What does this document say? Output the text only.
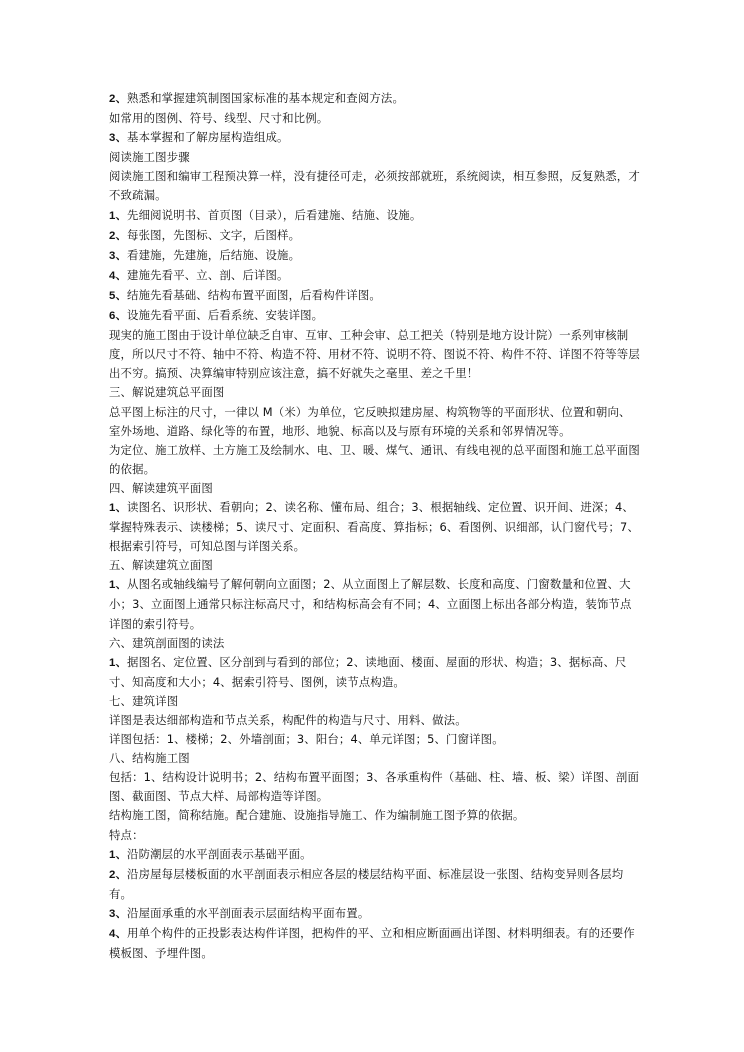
2、熟悉和掌握建筑制图国家标准的基本规定和查阅方法。

如常用的图例、符号、线型、尺寸和比例。

3、基本掌握和了解房屋构造组成。

阅读施工图步骤

阅读施工图和编审工程预决算一样，没有捷径可走，必须按部就班，系统阅读，相互参照，反复熟悉，才不致疏漏。

1、先细阅说明书、首页图（目录），后看建施、结施、设施。

2、每张图，先图标、文字，后图样。

3、看建施，先建施，后结施、设施。

4、建施先看平、立、剖、后详图。

5、结施先看基础、结构布置平面图，后看构件详图。

6、设施先看平面、后看系统、安装详图。

现実的施工图由于设计单位缺乏自审、互审、工种会审、总工把关（特别是地方设计院）一系列审核制度，所以尺寸不符、轴中不符、构造不符、用材不符、说明不符、图说不符、构件不符、详图不符等等层出不穷。搞预、决算编审特别应该注意，搞不好就失之毫里、差之千里！

三、解说建筑总平面图

总平图上标注的尺寸，一律以 M（米）为单位，它反映拟建房屋、构筑物等的平面形状、位置和朝向、室外场地、道路、绿化等的布置，地形、地貌、标高以及与原有环境的关系和邻界情况等。

为定位、施工放样、土方施工及绘制水、电、卫、暖、煤气、通讯、有线电视的总平面图和施工总平面图的依据。

四、解读建筑平面图

1、读图名、识形状、看朝向；2、读名称、懂布局、组合；3、根据轴线、定位置、识开间、进深；4、掌握特殊表示、读楼梯；5、读尺寸、定面积、看高度、算指标；6、看图例、识细部，认门窗代号；7、根据索引符号，可知总图与详图关系。

五、解读建筑立面图

1、从图名或轴线编号了解何朝向立面图；2、从立面图上了解层数、长度和高度、门窗数量和位置、大小；3、立面图上通常只标注标高尺寸，和结构标高会有不同；4、立面图上标出各部分构造，装饰节点详图的索引符号。

六、建筑剖面图的读法

1、据图名、定位置、区分剖到与看到的部位；2、读地面、楼面、屋面的形状、构造；3、据标高、尺寸、知高度和大小；4、据索引符号、图例，读节点构造。

七、建筑详图

详图是表达细部构造和节点关系，构配件的构造与尺寸、用料、做法。

详图包括：1、楼梯；2、外墙剖面；3、阳台；4、单元详图；5、门窗详图。

八、结构施工图

包括：1、结构设计说明书；2、结构布置平面图；3、各承重构件（基础、柱、墙、板、梁）详图、剖面图、截面图、节点大样、局部构造等详图。

结构施工图，简称结施。配合建施、设施指导施工、作为编制施工图予算的依据。

特点：

1、沿防潮层的水平剖面表示基础平面。

2、沿房屋每层楼板面的水平剖面表示相应各层的楼层结构平面、标准层设一张图、结构变异则各层均有。

3、沿屋面承重的水平剖面表示层面结构平面布置。

4、用单个构件的正投影表达构件详图，把构件的平、立和相应断面画出详图、材料明细表。有的还要作模板图、予埋件图。
